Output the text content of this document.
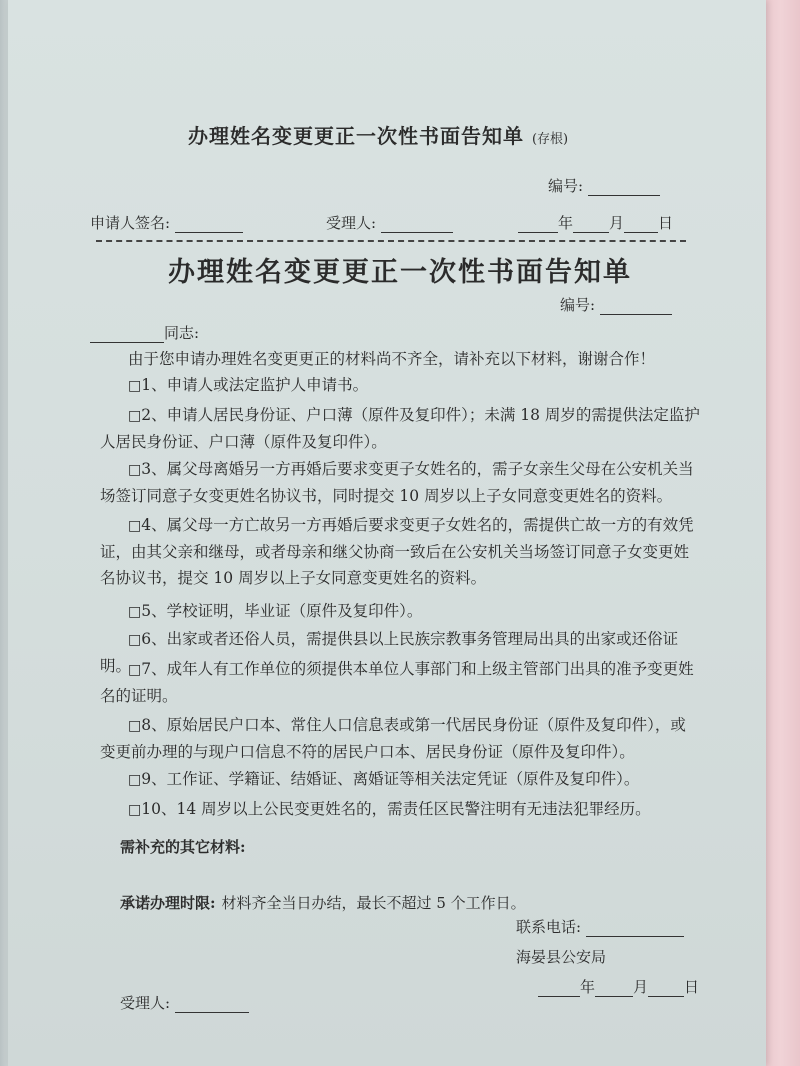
办理姓名变更更正一次性书面告知单 (存根)
编号:
申请人签名:	受理人:	年 月 日
办理姓名变更更正一次性书面告知单
编号:
同志:
由于您申请办理姓名变更更正的材料尚不齐全，请补充以下材料，谢谢合作！
□1、申请人或法定监护人申请书。
□2、申请人居民身份证、户口薄（原件及复印件）；未满 18 周岁的需提供法定监护人居民身份证、户口薄（原件及复印件）。
□3、属父母离婚另一方再婚后要求变更子女姓名的，需子女亲生父母在公安机关当场签订同意子女变更姓名协议书，同时提交 10 周岁以上子女同意变更姓名的资料。
□4、属父母一方亡故另一方再婚后要求变更子女姓名的，需提供亡故一方的有效凭证，由其父亲和继母，或者母亲和继父协商一致后在公安机关当场签订同意子女变更姓名协议书，提交 10 周岁以上子女同意变更姓名的资料。
□5、学校证明，毕业证（原件及复印件）。
□6、出家或者还俗人员，需提供县以上民族宗教事务管理局出具的出家或还俗证明。
□7、成年人有工作单位的须提供本单位人事部门和上级主管部门出具的准予变更姓名的证明。
□8、原始居民户口本、常住人口信息表或第一代居民身份证（原件及复印件），或变更前办理的与现户口信息不符的居民户口本、居民身份证（原件及复印件）。
□9、工作证、学籍证、结婚证、离婚证等相关法定凭证（原件及复印件）。
□10、14 周岁以上公民变更姓名的，需责任区民警注明有无违法犯罪经历。
需补充的其它材料:
承诺办理时限: 材料齐全当日办结，最长不超过 5 个工作日。
联系电话:
海晏县公安局
年	月 日
受理人:
